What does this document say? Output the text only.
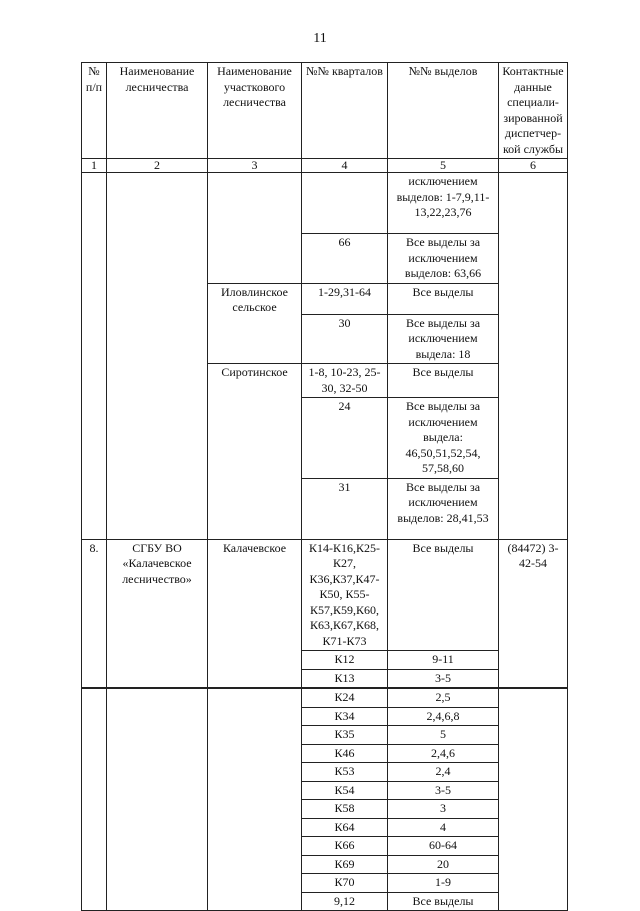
11
№ п/п	Наименование лесничества	Наименование участкового лесничества	№№ кварталов	№№ выделов	Контактные данные специали-зированной диспетчер-кой службы
1	2	3	4	5	6
				исключением выделов: 1-7,9,11-13,22,23,76	
			66	Все выделы за исключением выделов: 63,66	
		Иловлинское сельское	1-29,31-64	Все выделы	
			30	Все выделы за исключением выдела: 18	
		Сиротинское	1-8, 10-23, 25-30, 32-50	Все выделы	
			24	Все выделы за исключением выдела: 46,50,51,52,54, 57,58,60	
			31	Все выделы за исключением выделов: 28,41,53	
8.	СГБУ ВО «Калачевское лесничество»	Калачевское	К14-К16,К25-К27, К36,К37,К47-К50, К55-К57,К59,К60, К63,К67,К68, К71-К73	Все выделы	(84472) 3-42-54
			К12	9-11	
			К13	3-5	
			К24	2,5	
			К34	2,4,6,8	
			К35	5	
			К46	2,4,6	
			К53	2,4	
			К54	3-5	
			К58	3	
			К64	4	
			К66	60-64	
			К69	20	
			К70	1-9	
			9,12	Все выделы	
